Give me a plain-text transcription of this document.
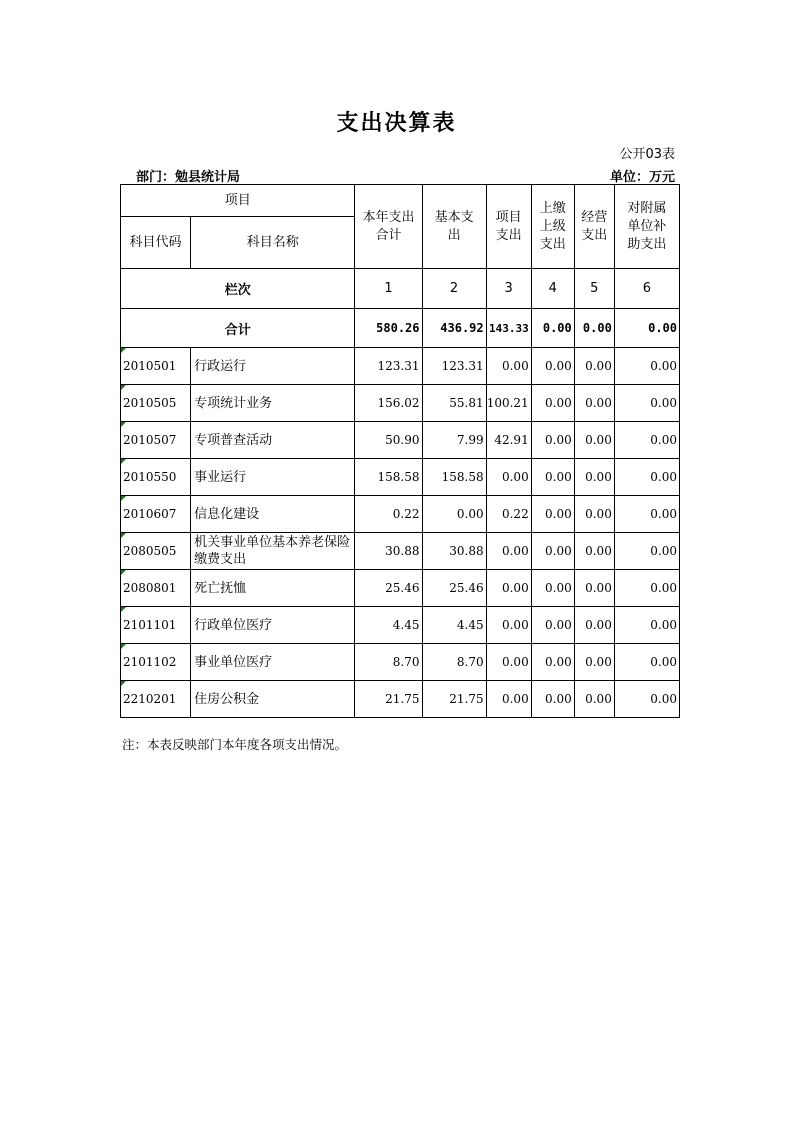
支出决算表
公开03表
部门：勉县统计局	单位：万元
项目		本年支出合计	基本支出	项目支出	上缴上级支出	经营支出	对附属单位补助支出
科目代码	科目名称						
栏次		1	2	3	4	5	6
合计		580.26	436.92	143.33	0.00	0.00	0.00
2010501	行政运行	123.31	123.31	0.00	0.00	0.00	0.00
2010505	专项统计业务	156.02	55.81	100.21	0.00	0.00	0.00
2010507	专项普查活动	50.90	7.99	42.91	0.00	0.00	0.00
2010550	事业运行	158.58	158.58	0.00	0.00	0.00	0.00
2010607	信息化建设	0.22	0.00	0.22	0.00	0.00	0.00
2080505	机关事业单位基本养老保险缴费支出	30.88	30.88	0.00	0.00	0.00	0.00
2080801	死亡抚恤	25.46	25.46	0.00	0.00	0.00	0.00
2101101	行政单位医疗	4.45	4.45	0.00	0.00	0.00	0.00
2101102	事业单位医疗	8.70	8.70	0.00	0.00	0.00	0.00
2210201	住房公积金	21.75	21.75	0.00	0.00	0.00	0.00
注：本表反映部门本年度各项支出情况。
